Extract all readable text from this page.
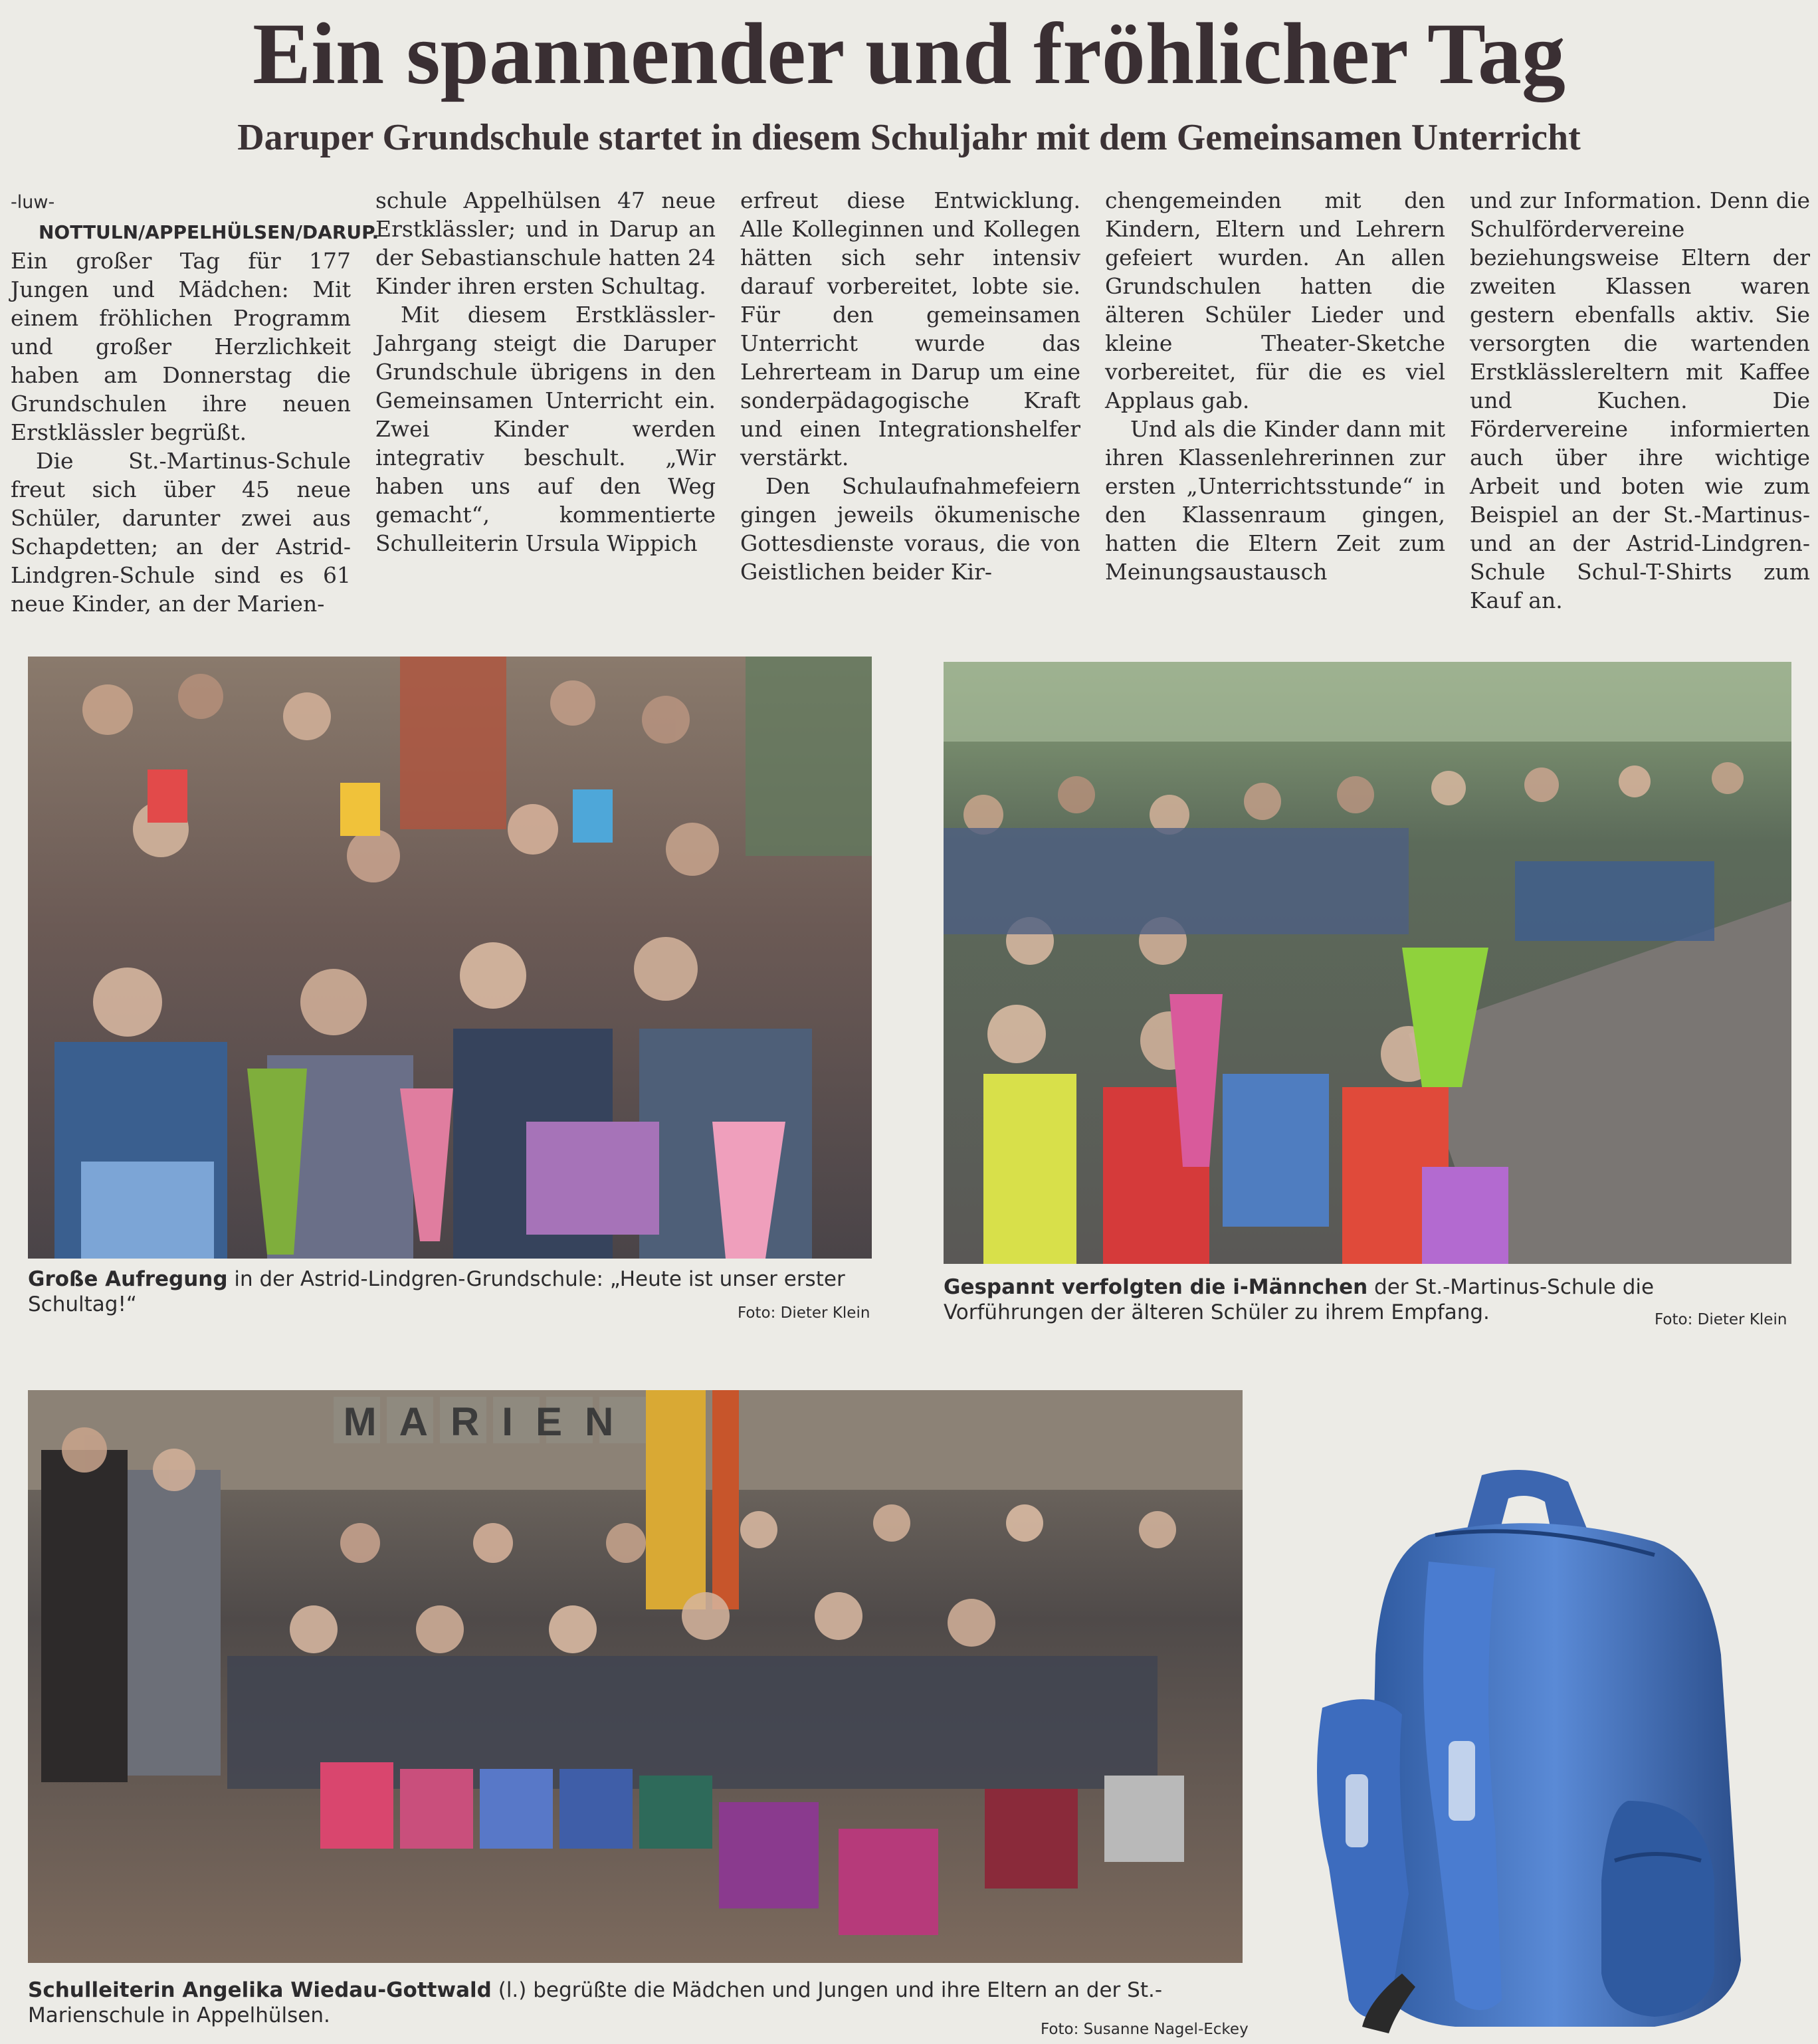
Ein spannender und fröhlicher Tag
Daruper Grundschule startet in diesem Schuljahr mit dem Gemeinsamen Unterricht

-luw-    NOTTULN/APPELHÜLSEN/DARUP. Ein großer Tag für 177 Jungen und Mädchen: Mit einem fröhlichen Programm und großer Herzlichkeit haben am Donnerstag die Grundschulen ihre neuen Erstklässler begrüßt.

Die St.-Martinus-Schule freut sich über 45 neue Schüler, darunter zwei aus Schapdetten; an der Astrid-Lindgren-Schule sind es 61 neue Kinder, an der Marien-

schule Appelhülsen 47 neue Erstklässler; und in Darup an der Sebastianschule hatten 24 Kinder ihren ersten Schultag.

Mit diesem Erstklässler-Jahrgang steigt die Daruper Grundschule übrigens in den Gemeinsamen Unterricht ein. Zwei Kinder werden integrativ beschult. „Wir haben uns auf den Weg gemacht“, kommentierte Schulleiterin Ursula Wippich

erfreut diese Entwicklung. Alle Kolleginnen und Kollegen hätten sich sehr intensiv darauf vorbereitet, lobte sie. Für den gemeinsamen Unterricht wurde das Lehrerteam in Darup um eine sonderpädagogische Kraft und einen Integrationshelfer verstärkt.

Den Schulaufnahmefeiern gingen jeweils ökumenische Gottesdienste voraus, die von Geistlichen beider Kir-

chengemeinden mit den Kindern, Eltern und Lehrern gefeiert wurden. An allen Grundschulen hatten die älteren Schüler Lieder und kleine Theater-Sketche vorbereitet, für die es viel Applaus gab.

Und als die Kinder dann mit ihren Klassenlehrerinnen zur ersten „Unterrichtsstunde“ in den Klassenraum gingen, hatten die Eltern Zeit zum Meinungsaustausch

und zur Information. Denn die Schulfördervereine beziehungsweise Eltern der zweiten Klassen waren gestern ebenfalls aktiv. Sie versorgten die wartenden Erstklässlereltern mit Kaffee und Kuchen. Die Fördervereine informierten auch über ihre wichtige Arbeit und boten wie zum Beispiel an der St.-Martinus- und an der Astrid-Lindgren-Schule Schul-T-Shirts zum Kauf an.

Große Aufregung in der Astrid-Lindgren-Grundschule: „Heute ist unser erster Schultag!“	Foto: Dieter Klein
Gespannt verfolgten die i-Männchen der St.-Martinus-Schule die Vorführungen der älteren Schüler zu ihrem Empfang.	Foto: Dieter Klein
MARIEN
Schulleiterin Angelika Wiedau-Gottwald (l.) begrüßte die Mädchen und Jungen und ihre Eltern an der St.-Marienschule in Appelhülsen.
Foto: Susanne Nagel-Eckey
